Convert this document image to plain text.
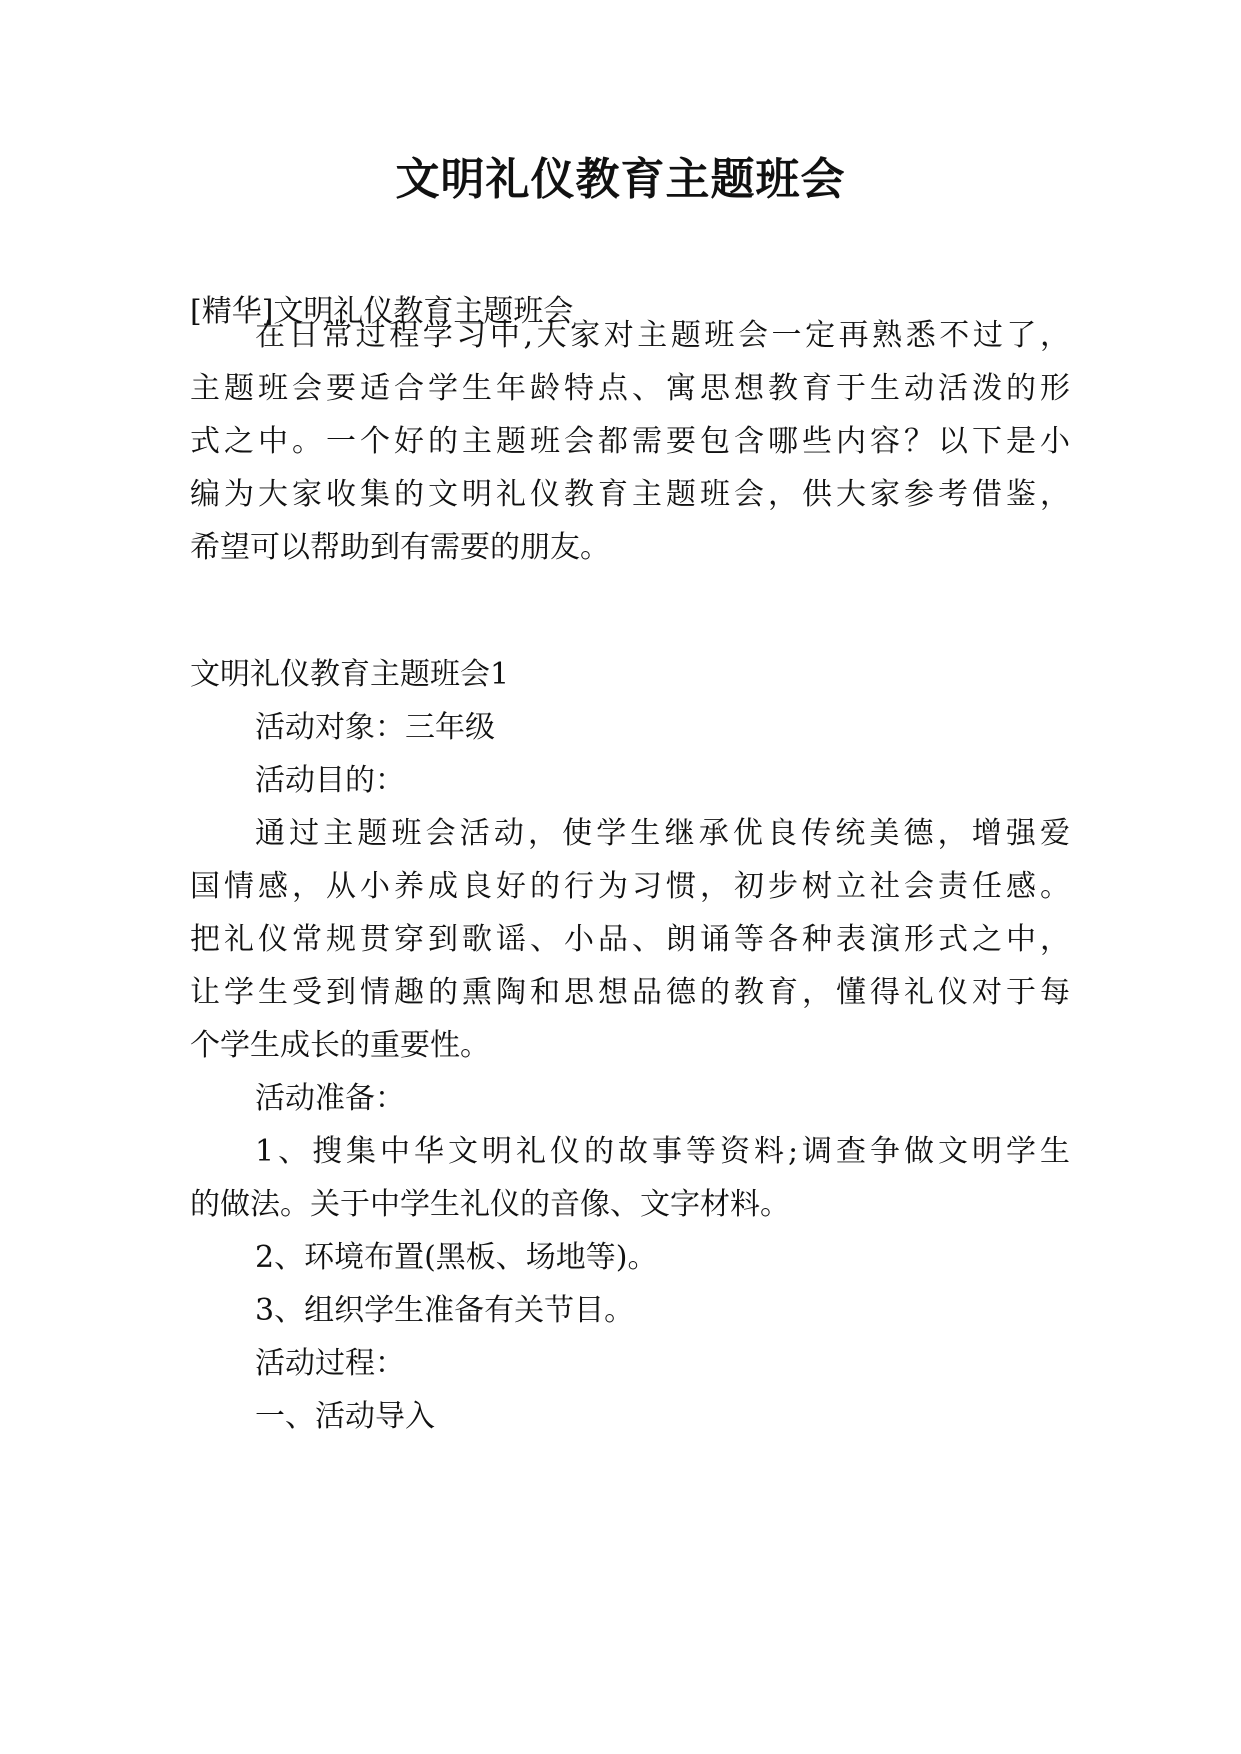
文明礼仪教育主题班会
[精华]文明礼仪教育主题班会
在日常过程学习中,大家对主题班会一定再熟悉不过了，
主题班会要适合学生年龄特点、寓思想教育于生动活泼的形
式之中。一个好的主题班会都需要包含哪些内容？以下是小
编为大家收集的文明礼仪教育主题班会，供大家参考借鉴，
希望可以帮助到有需要的朋友。
文明礼仪教育主题班会1
活动对象：三年级
活动目的：
通过主题班会活动，使学生继承优良传统美德，增强爱
国情感，从小养成良好的行为习惯，初步树立社会责任感。
把礼仪常规贯穿到歌谣、小品、朗诵等各种表演形式之中，
让学生受到情趣的熏陶和思想品德的教育，懂得礼仪对于每
个学生成长的重要性。
活动准备：
1、搜集中华文明礼仪的故事等资料;调查争做文明学生
的做法。关于中学生礼仪的音像、文字材料。
2、环境布置(黑板、场地等)。
3、组织学生准备有关节目。
活动过程：
一、活动导入
